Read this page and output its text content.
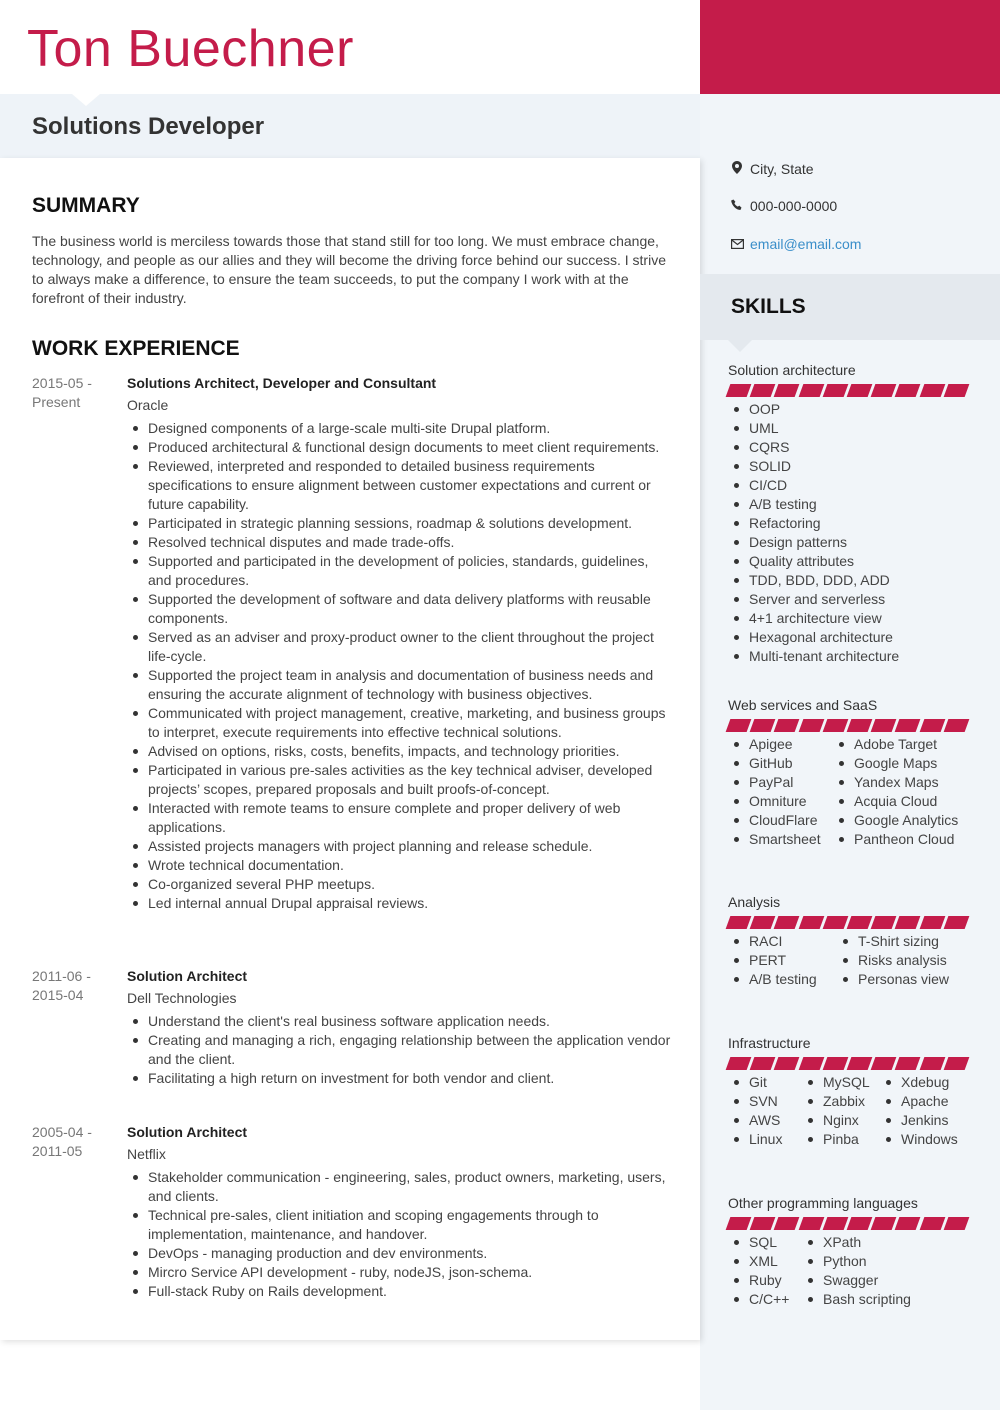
Ton Buechner
Solutions Developer
SUMMARY

The business world is merciless towards those that stand still for too long. We must embrace change, technology, and people as our allies and they will become the driving force behind our success. I strive to always make a difference, to ensure the team succeeds, to put the company I work with at the forefront of their industry.

WORK EXPERIENCE
2015-05 -
Present
Solutions Architect, Developer and Consultant
Oracle
Designed components of a large-scale multi-site Drupal platform.
Produced architectural & functional design documents to meet client requirements.
Reviewed, interpreted and responded to detailed business requirements specifications to ensure alignment between customer expectations and current or future capability.
Participated in strategic planning sessions, roadmap & solutions development.
Resolved technical disputes and made trade-offs.
Supported and participated in the development of policies, standards, guidelines, and procedures.
Supported the development of software and data delivery platforms with reusable components.
Served as an adviser and proxy-product owner to the client throughout the project life-cycle.
Supported the project team in analysis and documentation of business needs and ensuring the accurate alignment of technology with business objectives.
Communicated with project management, creative, marketing, and business groups to interpret, execute requirements into effective technical solutions.
Advised on options, risks, costs, benefits, impacts, and technology priorities.
Participated in various pre-sales activities as the key technical adviser, developed projects’ scopes, prepared proposals and built proofs-of-concept.
Interacted with remote teams to ensure complete and proper delivery of web applications.
Assisted projects managers with project planning and release schedule.
Wrote technical documentation.
Co-organized several PHP meetups.
Led internal annual Drupal appraisal reviews.
2011-06 -
2015-04
Solution Architect
Dell Technologies
Understand the client's real business software application needs.
Creating and managing a rich, engaging relationship between the application vendor and the client.
Facilitating a high return on investment for both vendor and client.
2005-04 -
2011-05
Solution Architect
Netflix
Stakeholder communication - engineering, sales, product owners, marketing, users, and clients.
Technical pre-sales, client initiation and scoping engagements through to implementation, maintenance, and handover.
DevOps - managing production and dev environments.
Mircro Service API development - ruby, nodeJS, json-schema.
Full-stack Ruby on Rails development.
City, State
000-000-0000
email@email.com
SKILLS
Solution architecture
OOP
UML
CQRS
SOLID
CI/CD
A/B testing
Refactoring
Design patterns
Quality attributes
TDD, BDD, DDD, ADD
Server and serverless
4+1 architecture view
Hexagonal architecture
Multi-tenant architecture
Web services and SaaS
Apigee
GitHub
PayPal
Omniture
CloudFlare
Smartsheet
Adobe Target
Google Maps
Yandex Maps
Acquia Cloud
Google Analytics
Pantheon Cloud
Analysis
RACI
PERT
A/B testing
T-Shirt sizing
Risks analysis
Personas view
Infrastructure
Git
SVN
AWS
Linux
MySQL
Zabbix
Nginx
Pinba
Xdebug
Apache
Jenkins
Windows
Other programming languages
SQL
XML
Ruby
C/C++
XPath
Python
Swagger
Bash scripting
